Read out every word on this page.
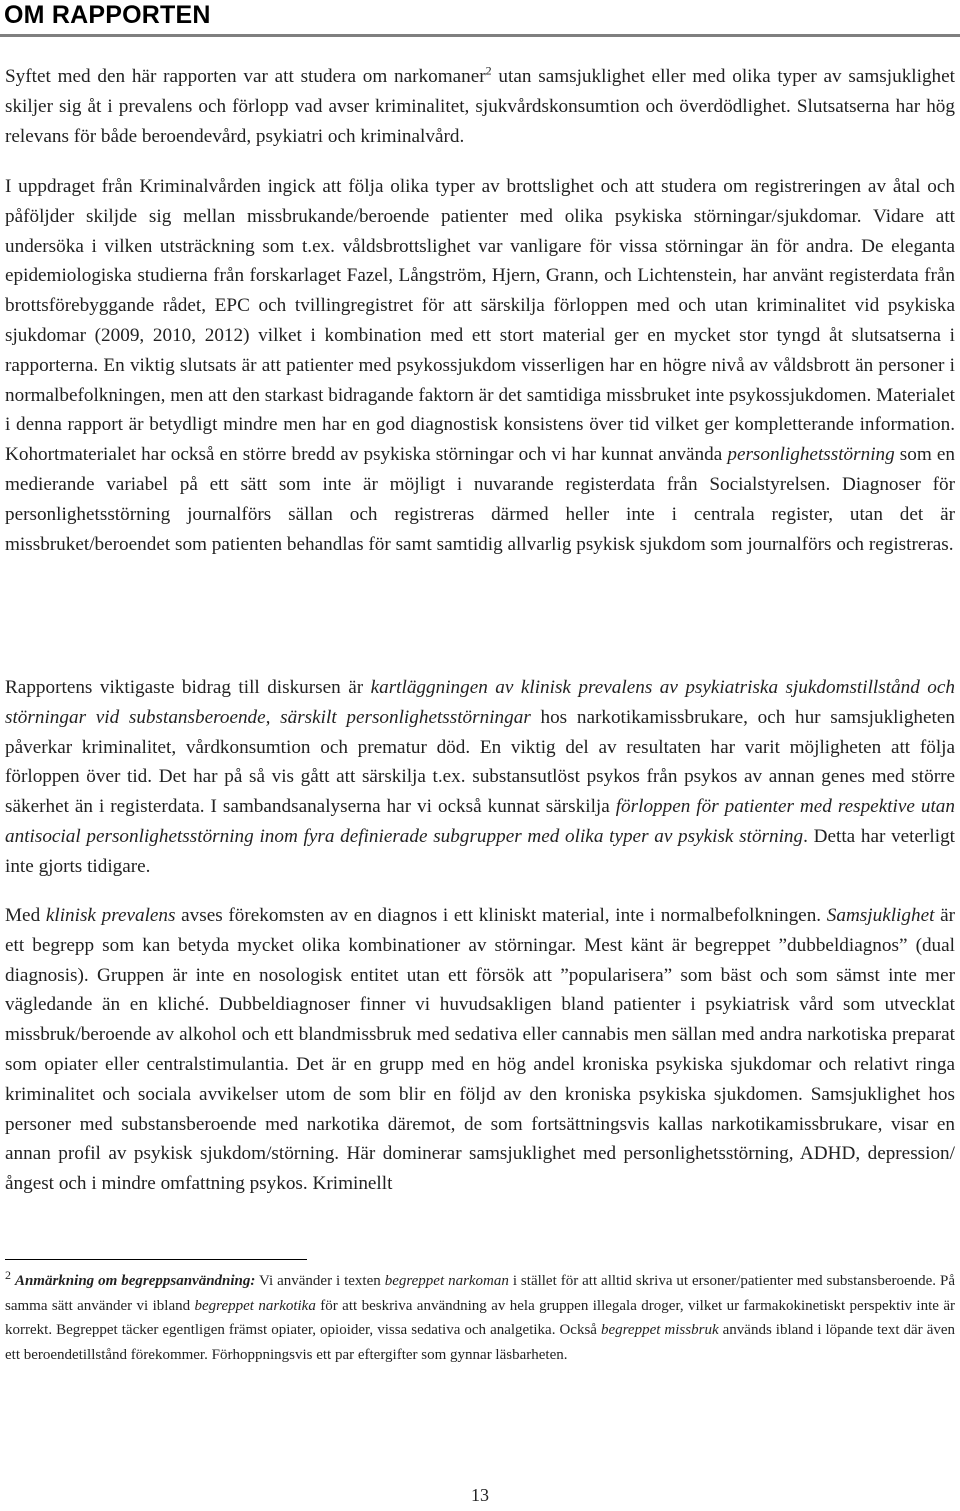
OM RAPPORTEN

Syftet med den här rapporten var att studera om narkomaner$^2$ utan samsjuklighet eller med olika typer av samsjuklighet skiljer sig åt i prevalens och förlopp vad avser kriminalitet, sjukvårdskonsumtion och överdödlighet. Slutsatserna har hög relevans för både beroendevård, psykiatri och kriminalvård.

I uppdraget från Kriminalvården ingick att följa olika typer av brottslighet och att studera om registreringen av åtal och påföljder skiljde sig mellan missbrukande/beroende patienter med olika psykiska störningar/sjukdomar. Vidare att undersöka i vilken utsträckning som t.ex. våldsbrottslighet var vanligare för vissa störningar än för andra. De eleganta epidemiologiska studierna från forskarlaget Fazel, Långström, Hjern, Grann, och Lichtenstein, har använt registerdata från brottsförebyggande rådet, EPC och tvillingregistret för att särskilja förloppen med och utan kriminalitet vid psykiska sjukdomar (2009, 2010, 2012) vilket i kombination med ett stort material ger en mycket stor tyngd åt slutsatserna i rapporterna. En viktig slutsats är att patienter med psykossjukdom visserligen har en högre nivå av våldsbrott än personer i normalbefolkningen, men att den starkast bidragande faktorn är det samtidiga missbruket inte psykossjukdomen. Materialet i denna rapport är betydligt mindre men har en god diagnostisk konsistens över tid vilket ger kompletterande information. Kohortmaterialet har också en större bredd av psykiska störningar och vi har kunnat använda personlighetsstörning som en medierande variabel på ett sätt som inte är möjligt i nuvarande registerdata från Socialstyrelsen. Diagnoser för personlighetsstörning journalförs sällan och registreras därmed heller inte i centrala register, utan det är missbruket/beroendet som patienten behandlas för samt samtidig allvarlig psykisk sjukdom som journalförs och registreras.

Rapportens viktigaste bidrag till diskursen är kartläggningen av klinisk prevalens av psykiatriska sjukdomstillstånd och störningar vid substansberoende, särskilt personlighetsstörningar hos narkotikamissbrukare, och hur samsjukligheten påverkar kriminalitet, vårdkonsumtion och prematur död. En viktig del av resultaten har varit möjligheten att följa förloppen över tid. Det har på så vis gått att särskilja t.ex. substansutlöst psykos från psykos av annan genes med större säkerhet än i registerdata. I sambandsanalyserna har vi också kunnat särskilja förloppen för patienter med respektive utan antisocial personlighetsstörning inom fyra definierade subgrupper med olika typer av psykisk störning. Detta har veterligt inte gjorts tidigare.

Med klinisk prevalens avses förekomsten av en diagnos i ett kliniskt material, inte i normalbefolkningen. Samsjuklighet är ett begrepp som kan betyda mycket olika kombinationer av störningar. Mest känt är begreppet ”dubbeldiagnos” (dual diagnosis). Gruppen är inte en nosologisk entitet utan ett försök att ”popularisera” som bäst och som sämst inte mer vägledande än en kliché. Dubbeldiagnoser finner vi huvudsakligen bland patienter i psykiatrisk vård som utvecklat missbruk/beroende av alkohol och ett blandmissbruk med sedativa eller cannabis men sällan med andra narkotiska preparat som opiater eller centralstimulantia. Det är en grupp med en hög andel kroniska psykiska sjukdomar och relativt ringa kriminalitet och sociala avvikelser utom de som blir en följd av den kroniska psykiska sjukdomen. Samsjuklighet hos personer med substansberoende med narkotika däremot, de som fortsättningsvis kallas narkotikamissbrukare, visar en annan profil av psykisk sjukdom/störning. Här dominerar samsjuklighet med personlighetsstörning, ADHD, depression/ångest och i mindre omfattning psykos. Kriminellt

$^2$ Anmärkning om begreppsanvändning: Vi använder i texten begreppet narkoman i stället för att alltid skriva ut ersoner/patienter med substansberoende. På samma sätt använder vi ibland begreppet narkotika för att beskriva användning av hela gruppen illegala droger, vilket ur farmakokinetiskt perspektiv inte är korrekt. Begreppet täcker egentligen främst opiater, opioider, vissa sedativa och analgetika. Också begreppet missbruk används ibland i löpande text där även ett beroendetillstånd förekommer. Förhoppningsvis ett par eftergifter som gynnar läsbarheten.

13
